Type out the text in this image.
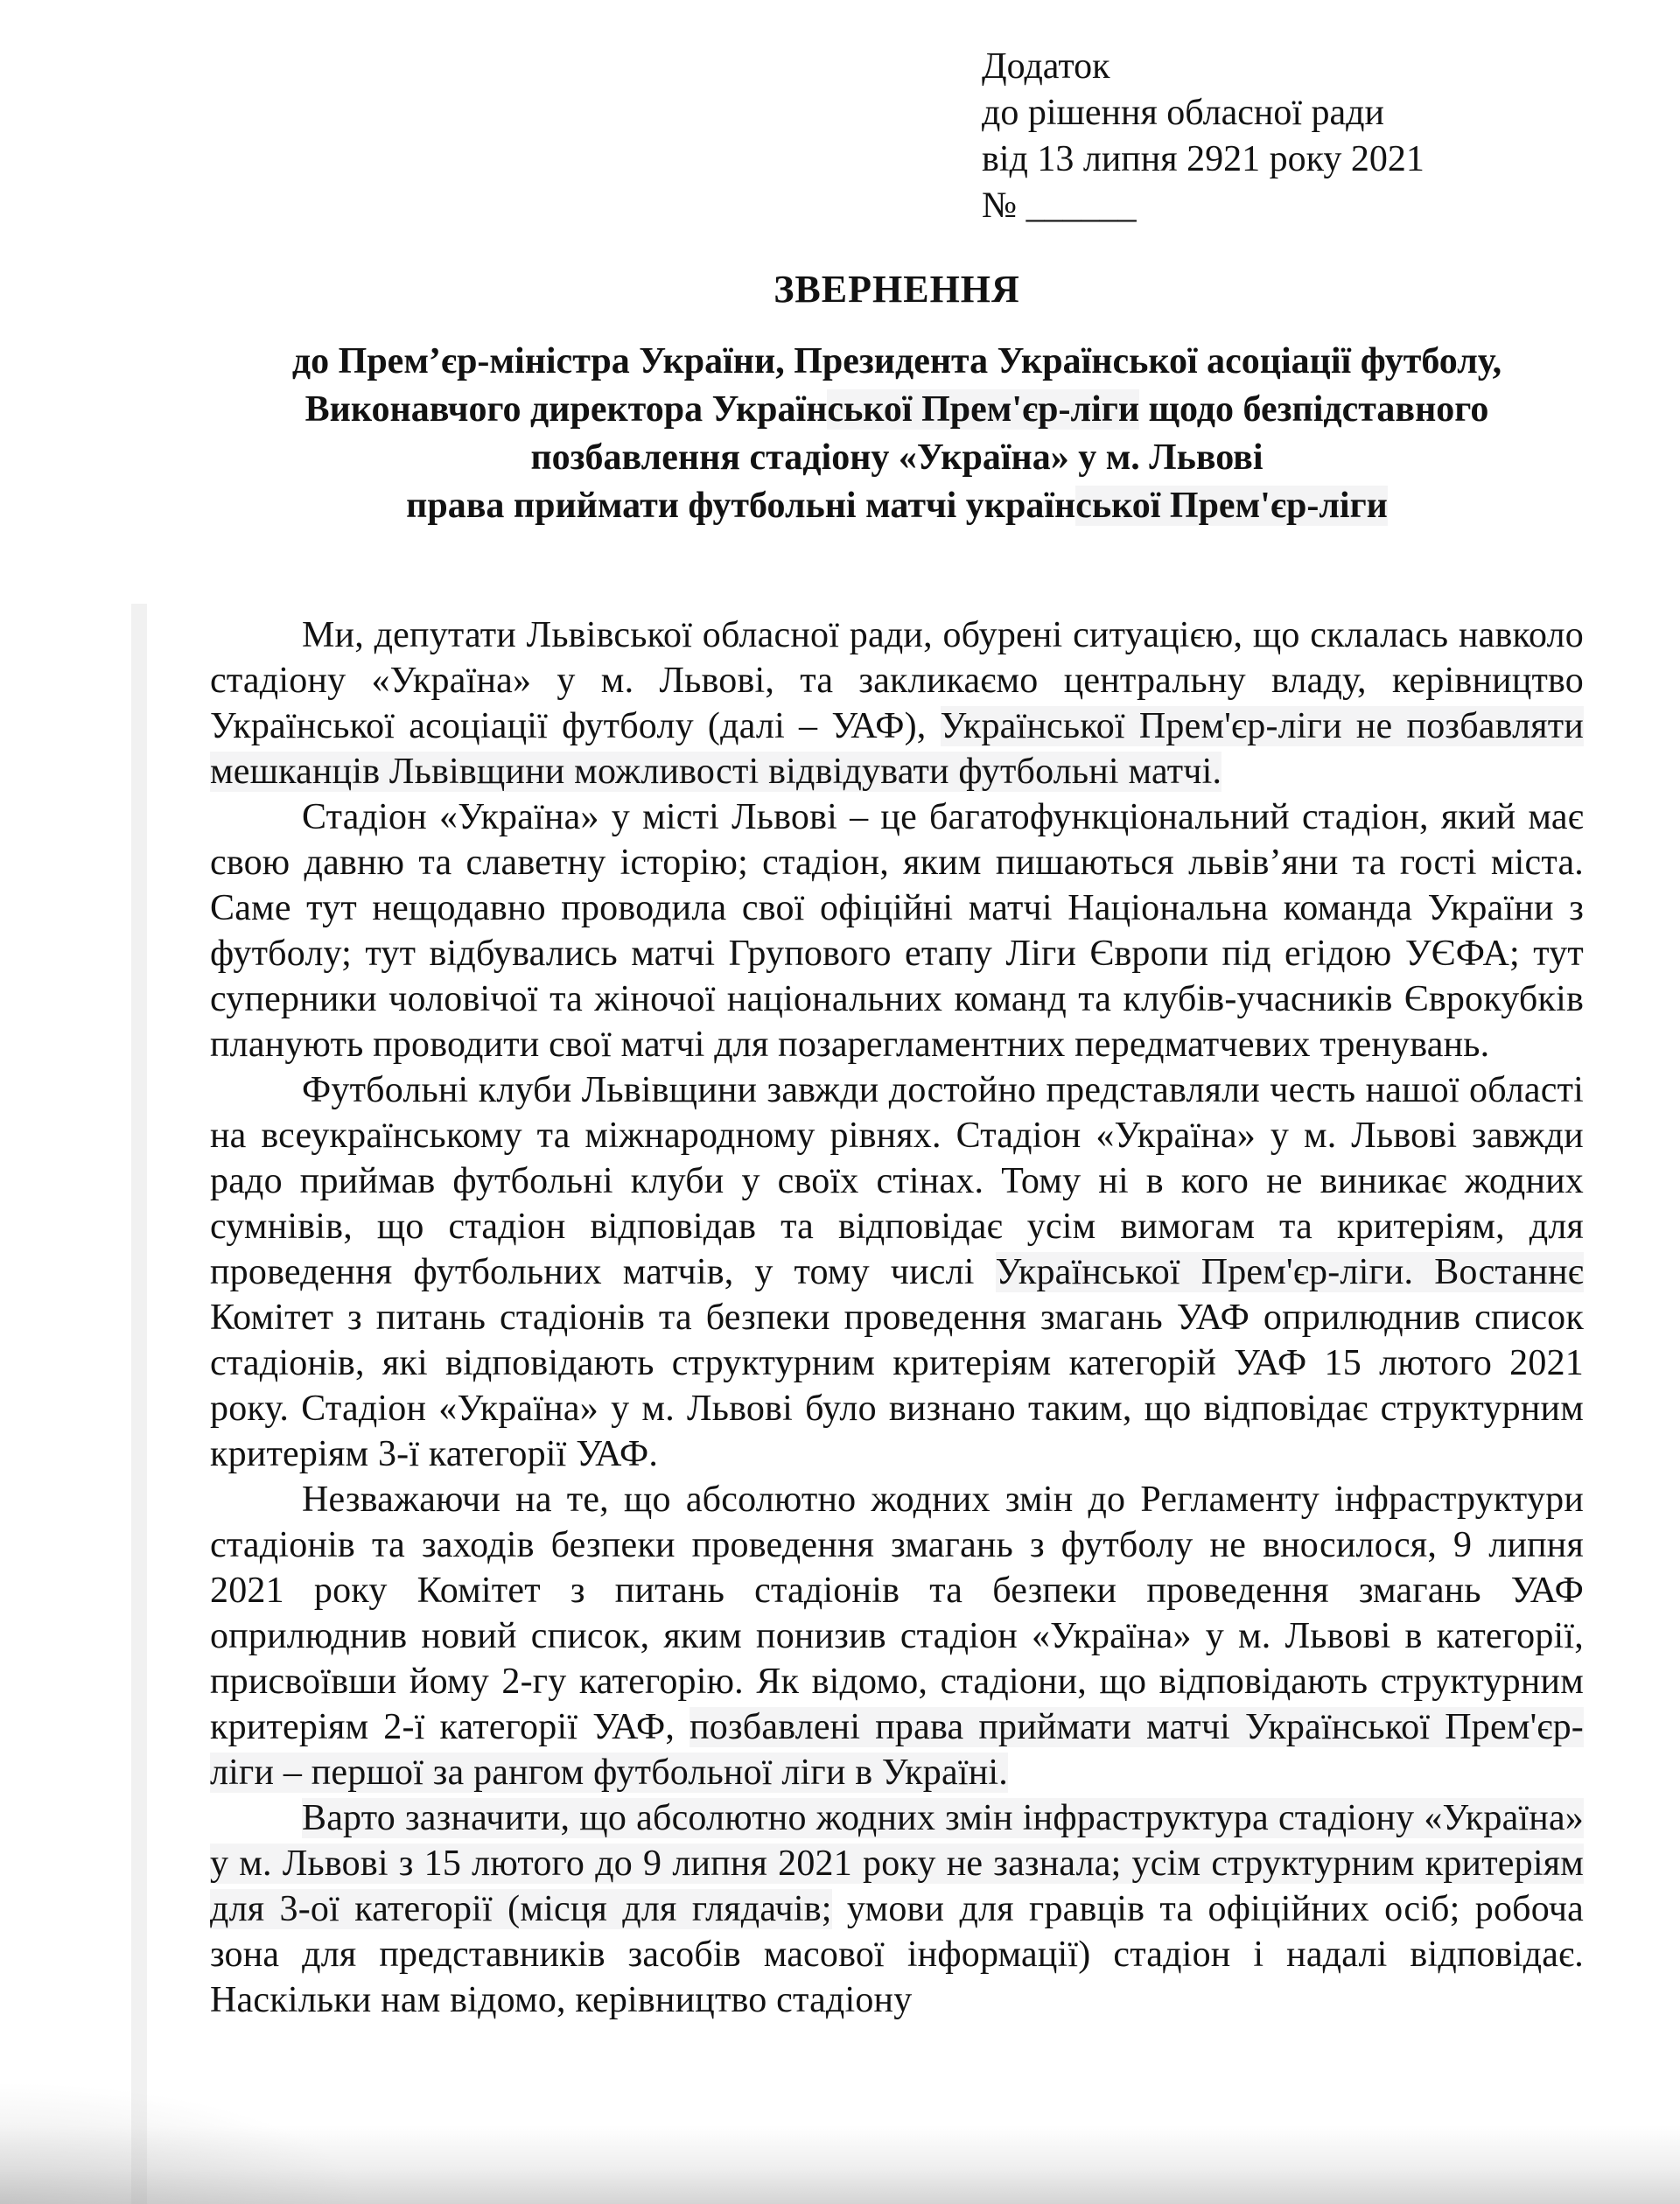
Додаток
до рішення обласної ради
від 13 липня 2921 року 2021
№ ______
ЗВЕРНЕННЯ
до Прем’єр-міністра України, Президента Української асоціації футболу,
Виконавчого директора Української Прем'єр-ліги щодо безпідставного
позбавлення стадіону «Україна» у м. Львові
права приймати футбольні матчі української Прем'єр-ліги
Ми, депутати Львівської обласної ради, обурені ситуацією, що склалась навколо стадіону «Україна» у м. Львові, та закликаємо центральну владу, керівництво Української асоціації футболу (далі – УАФ), Української Прем'єр-ліги не позбавляти мешканців Львівщини можливості відвідувати футбольні матчі.
Стадіон «Україна» у місті Львові – це багатофункціональний стадіон, який має свою давню та славетну історію; стадіон, яким пишаються львів’яни та гості міста. Саме тут нещодавно проводила свої офіційні матчі Національна команда України з футболу; тут відбувались матчі Групового етапу Ліги Європи під егідою УЄФА; тут суперники чоловічої та жіночої національних команд та клубів-учасників Єврокубків планують проводити свої матчі для позарегламентних передматчевих тренувань.
Футбольні клуби Львівщини завжди достойно представляли честь нашої області на всеукраїнському та міжнародному рівнях. Стадіон «Україна» у м. Львові завжди радо приймав футбольні клуби у своїх стінах. Тому ні в кого не виникає жодних сумнівів, що стадіон відповідав та відповідає усім вимогам та критеріям, для проведення футбольних матчів, у тому числі Української Прем'єр-ліги. Востаннє Комітет з питань стадіонів та безпеки проведення змагань УАФ оприлюднив список стадіонів, які відповідають структурним критеріям категорій УАФ 15 лютого 2021 року. Стадіон «Україна» у м. Львові було визнано таким, що відповідає структурним критеріям 3-ї категорії УАФ.
Незважаючи на те, що абсолютно жодних змін до Регламенту інфраструктури стадіонів та заходів безпеки проведення змагань з футболу не вносилося, 9 липня 2021 року Комітет з питань стадіонів та безпеки проведення змагань УАФ оприлюднив новий список, яким понизив стадіон «Україна» у м. Львові в категорії, присвоївши йому 2-гу категорію. Як відомо, стадіони, що відповідають структурним критеріям 2-ї категорії УАФ, позбавлені права приймати матчі Української Прем'єр-ліги – першої за рангом футбольної ліги в Україні.
Варто зазначити, що абсолютно жодних змін інфраструктура стадіону «Україна» у м. Львові з 15 лютого до 9 липня 2021 року не зазнала; усім структурним критеріям для 3-ої категорії (місця для глядачів; умови для гравців та офіційних осіб; робоча зона для представників засобів масової інформації) стадіон і надалі відповідає. Наскільки нам відомо, керівництво стадіону
